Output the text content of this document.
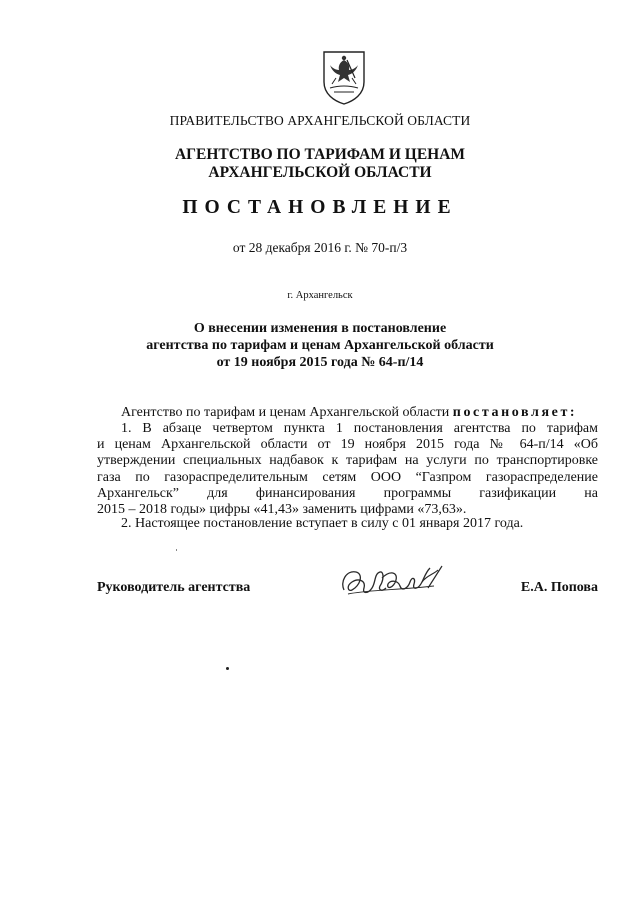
ПРАВИТЕЛЬСТВО АРХАНГЕЛЬСКОЙ ОБЛАСТИ
АГЕНТСТВО ПО ТАРИФАМ И ЦЕНАМ
АРХАНГЕЛЬСКОЙ ОБЛАСТИ
ПОСТАНОВЛЕНИЕ
от 28 декабря 2016 г. № 70-п/3
г. Архангельск
О внесении изменения в постановление
агентства по тарифам и ценам Архангельской области
от 19 ноября 2015 года № 64-п/14
Агентство по тарифам и ценам Архангельской области постановляет:
1. В абзаце четвертом пункта 1 постановления агентства по тарифам
и ценам Архангельской области от 19 ноября 2015 года № 64-п/14 «Об
утверждении специальных надбавок к тарифам на услуги по транспортировке
газа по газораспределительным сетям ООО “Газпром газораспределение
Архангельск” для финансирования программы газификации на
2015 – 2018 годы» цифры «41,43» заменить цифрами «73,63».
2. Настоящее постановление вступает в силу с 01 января 2017 года.
Руководитель агентства	Е.А. Попова
